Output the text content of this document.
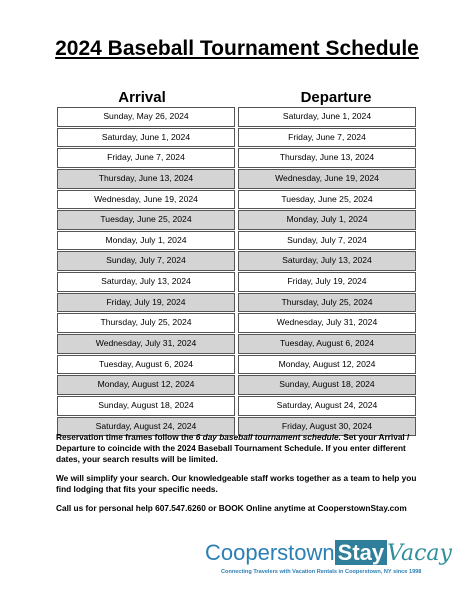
2024 Baseball Tournament Schedule
Arrival	Departure
Sunday, May 26, 2024
Saturday, June 1, 2024
Friday, June 7, 2024
Thursday, June 13, 2024
Wednesday, June 19, 2024
Tuesday, June 25, 2024
Monday, July 1, 2024
Sunday, July 7, 2024
Saturday, July 13, 2024
Friday, July 19, 2024
Thursday, July 25, 2024
Wednesday, July 31, 2024
Tuesday, August 6, 2024
Monday, August 12, 2024
Sunday, August 18, 2024
Saturday, August 24, 2024
Saturday, June 1, 2024
Friday, June 7, 2024
Thursday, June 13, 2024
Wednesday, June 19, 2024
Tuesday, June 25, 2024
Monday, July 1, 2024
Sunday, July 7, 2024
Saturday, July 13, 2024
Friday, July 19, 2024
Thursday, July 25, 2024
Wednesday, July 31, 2024
Tuesday, August 6, 2024
Monday, August 12, 2024
Sunday, August 18, 2024
Saturday, August 24, 2024
Friday, August 30, 2024

Reservation time frames follow the 6 day baseball tournament schedule. Set your Arrival / Departure to coincide with the 2024 Baseball Tournament Schedule. If you enter different dates, your search results will be limited.

We will simplify your search. Our knowledgeable staff works together as a team to help you find lodging that fits your specific needs.

Call us for personal help 607.547.6260 or BOOK Online anytime at CooperstownStay.com

Cooperstown Stay Vacay
Connecting Travelers with Vacation Rentals in Cooperstown, NY since 1998
